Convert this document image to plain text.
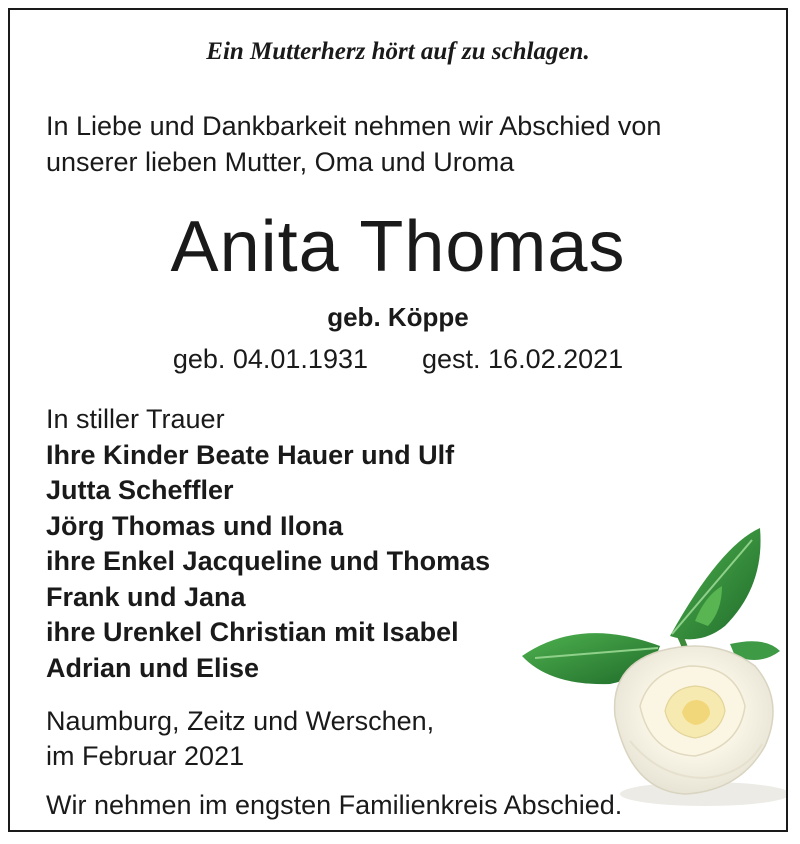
Ein Mutterherz hört auf zu schlagen.
In Liebe und Dankbarkeit nehmen wir Abschied von
unserer lieben Mutter, Oma und Uroma
Anita Thomas
geb. Köppe
geb. 04.01.1931 gest. 16.02.2021
In stiller Trauer
Ihre Kinder Beate Hauer und Ulf
Jutta Scheffler
Jörg Thomas und Ilona
ihre Enkel Jacqueline und Thomas
Frank und Jana
ihre Urenkel Christian mit Isabel
Adrian und Elise
Naumburg, Zeitz und Werschen,
im Februar 2021
Wir nehmen im engsten Familienkreis Abschied.
